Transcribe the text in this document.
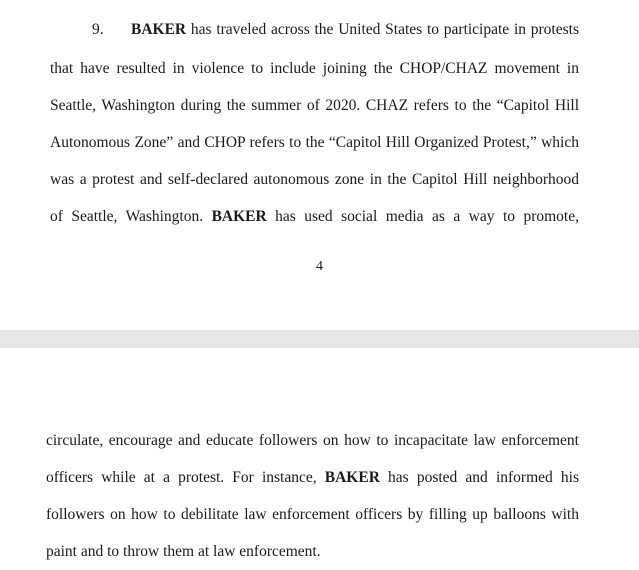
9. BAKER has traveled across the United States to participate in protests
that have resulted in violence to include joining the CHOP/CHAZ movement in
Seattle, Washington during the summer of 2020. CHAZ refers to the “Capitol Hill
Autonomous Zone” and CHOP refers to the “Capitol Hill Organized Protest,” which
was a protest and self-declared autonomous zone in the Capitol Hill neighborhood
of Seattle, Washington. BAKER has used social media as a way to promote,
4
circulate, encourage and educate followers on how to incapacitate law enforcement
officers while at a protest. For instance, BAKER has posted and informed his
followers on how to debilitate law enforcement officers by filling up balloons with
paint and to throw them at law enforcement.
